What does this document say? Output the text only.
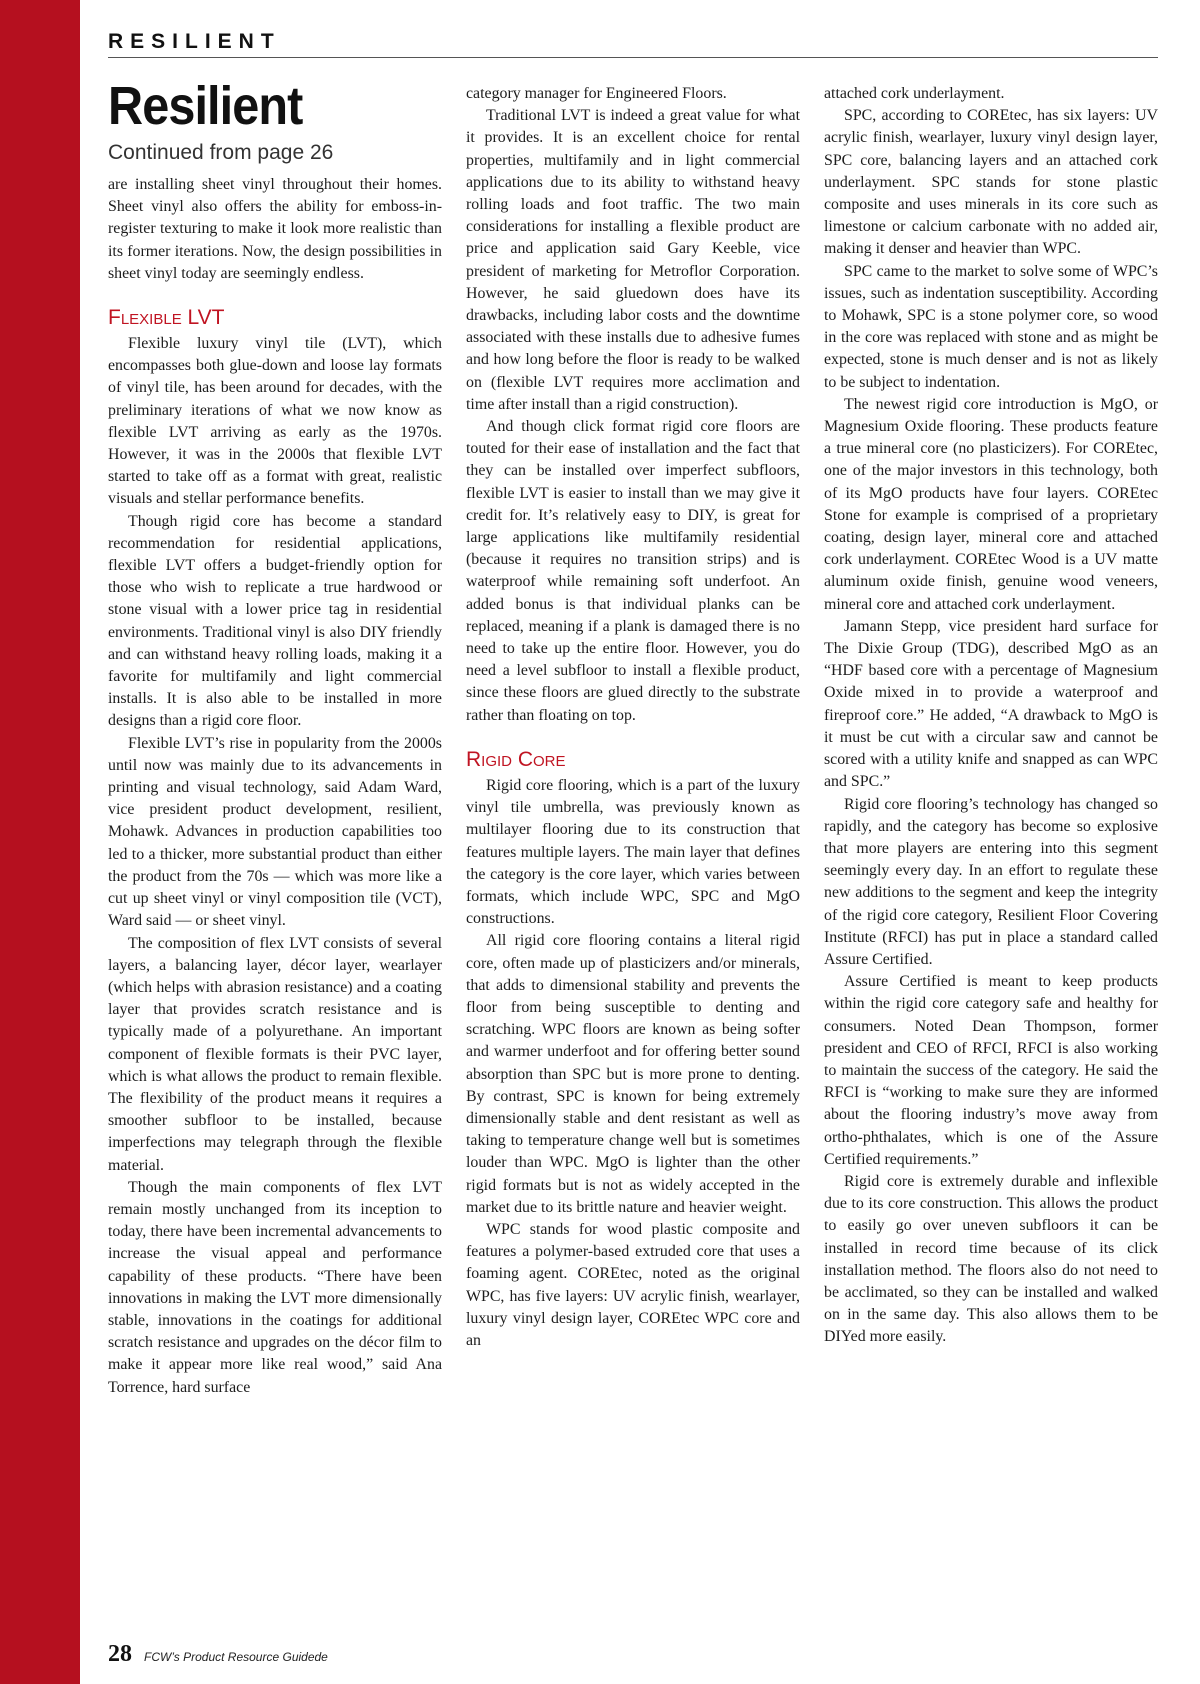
RESILIENT
Resilient
Continued from page 26

are installing sheet vinyl throughout their homes. Sheet vinyl also offers the ability for emboss-in-register texturing to make it look more realistic than its former iterations. Now, the design possibilities in sheet vinyl today are seemingly endless.

Flexible LVT

Flexible luxury vinyl tile (LVT), which encompasses both glue-down and loose lay formats of vinyl tile, has been around for decades, with the preliminary iterations of what we now know as flexible LVT arriving as early as the 1970s. However, it was in the 2000s that flexible LVT started to take off as a format with great, realistic visuals and stellar performance benefits.

Though rigid core has become a standard recommendation for residential applications, flexible LVT offers a budget-friendly option for those who wish to replicate a true hardwood or stone visual with a lower price tag in residential environments. Traditional vinyl is also DIY friendly and can withstand heavy rolling loads, making it a favorite for multifamily and light commercial installs. It is also able to be installed in more designs than a rigid core floor.

Flexible LVT’s rise in popularity from the 2000s until now was mainly due to its advancements in printing and visual technology, said Adam Ward, vice president product development, resilient, Mohawk. Advances in production capabilities too led to a thicker, more substantial product than either the product from the 70s — which was more like a cut up sheet vinyl or vinyl composition tile (VCT), Ward said — or sheet vinyl.

The composition of flex LVT consists of several layers, a balancing layer, décor layer, wearlayer (which helps with abrasion resistance) and a coating layer that provides scratch resistance and is typically made of a polyurethane. An important component of flexible formats is their PVC layer, which is what allows the product to remain flexible. The flexibility of the product means it requires a smoother subfloor to be installed, because imperfections may telegraph through the flexible material.

Though the main components of flex LVT remain mostly unchanged from its inception to today, there have been incremental advancements to increase the visual appeal and performance capability of these products. “There have been innovations in making the LVT more dimensionally stable, innovations in the coatings for additional scratch resistance and upgrades on the décor film to make it appear more like real wood,” said Ana Torrence, hard surface

category manager for Engineered Floors.

Traditional LVT is indeed a great value for what it provides. It is an excellent choice for rental properties, multifamily and in light commercial applications due to its ability to withstand heavy rolling loads and foot traffic. The two main considerations for installing a flexible product are price and application said Gary Keeble, vice president of marketing for Metroflor Corporation. However, he said gluedown does have its drawbacks, including labor costs and the downtime associated with these installs due to adhesive fumes and how long before the floor is ready to be walked on (flexible LVT requires more acclimation and time after install than a rigid construction).

And though click format rigid core floors are touted for their ease of installation and the fact that they can be installed over imperfect subfloors, flexible LVT is easier to install than we may give it credit for. It’s relatively easy to DIY, is great for large applications like multifamily residential (because it requires no transition strips) and is waterproof while remaining soft underfoot. An added bonus is that individual planks can be replaced, meaning if a plank is damaged there is no need to take up the entire floor. However, you do need a level subfloor to install a flexible product, since these floors are glued directly to the substrate rather than floating on top.

Rigid Core

Rigid core flooring, which is a part of the luxury vinyl tile umbrella, was previously known as multilayer flooring due to its construction that features multiple layers. The main layer that defines the category is the core layer, which varies between formats, which include WPC, SPC and MgO constructions.

All rigid core flooring contains a literal rigid core, often made up of plasticizers and/or minerals, that adds to dimensional stability and prevents the floor from being susceptible to denting and scratching. WPC floors are known as being softer and warmer underfoot and for offering better sound absorption than SPC but is more prone to denting. By contrast, SPC is known for being extremely dimensionally stable and dent resistant as well as taking to temperature change well but is sometimes louder than WPC. MgO is lighter than the other rigid formats but is not as widely accepted in the market due to its brittle nature and heavier weight.

WPC stands for wood plastic composite and features a polymer-based extruded core that uses a foaming agent. COREtec, noted as the original WPC, has five layers: UV acrylic finish, wearlayer, luxury vinyl design layer, COREtec WPC core and an

attached cork underlayment.

SPC, according to COREtec, has six layers: UV acrylic finish, wearlayer, luxury vinyl design layer, SPC core, balancing layers and an attached cork underlayment. SPC stands for stone plastic composite and uses minerals in its core such as limestone or calcium carbonate with no added air, making it denser and heavier than WPC.

SPC came to the market to solve some of WPC’s issues, such as indentation susceptibility. According to Mohawk, SPC is a stone polymer core, so wood in the core was replaced with stone and as might be expected, stone is much denser and is not as likely to be subject to indentation.

The newest rigid core introduction is MgO, or Magnesium Oxide flooring. These products feature a true mineral core (no plasticizers). For COREtec, one of the major investors in this technology, both of its MgO products have four layers. COREtec Stone for example is comprised of a proprietary coating, design layer, mineral core and attached cork underlayment. COREtec Wood is a UV matte aluminum oxide finish, genuine wood veneers, mineral core and attached cork underlayment.

Jamann Stepp, vice president hard surface for The Dixie Group (TDG), described MgO as an “HDF based core with a percentage of Magnesium Oxide mixed in to provide a waterproof and fireproof core.” He added, “A drawback to MgO is it must be cut with a circular saw and cannot be scored with a utility knife and snapped as can WPC and SPC.”

Rigid core flooring’s technology has changed so rapidly, and the category has become so explosive that more players are entering into this segment seemingly every day. In an effort to regulate these new additions to the segment and keep the integrity of the rigid core category, Resilient Floor Covering Institute (RFCI) has put in place a standard called Assure Certified.

Assure Certified is meant to keep products within the rigid core category safe and healthy for consumers. Noted Dean Thompson, former president and CEO of RFCI, RFCI is also working to maintain the success of the category. He said the RFCI is “working to make sure they are informed about the flooring industry’s move away from ortho-phthalates, which is one of the Assure Certified requirements.”

Rigid core is extremely durable and inflexible due to its core construction. This allows the product to easily go over uneven subfloors it can be installed in record time because of its click installation method. The floors also do not need to be acclimated, so they can be installed and walked on in the same day. This also allows them to be DIYed more easily.

28 FCW’s Product Resource Guidede
